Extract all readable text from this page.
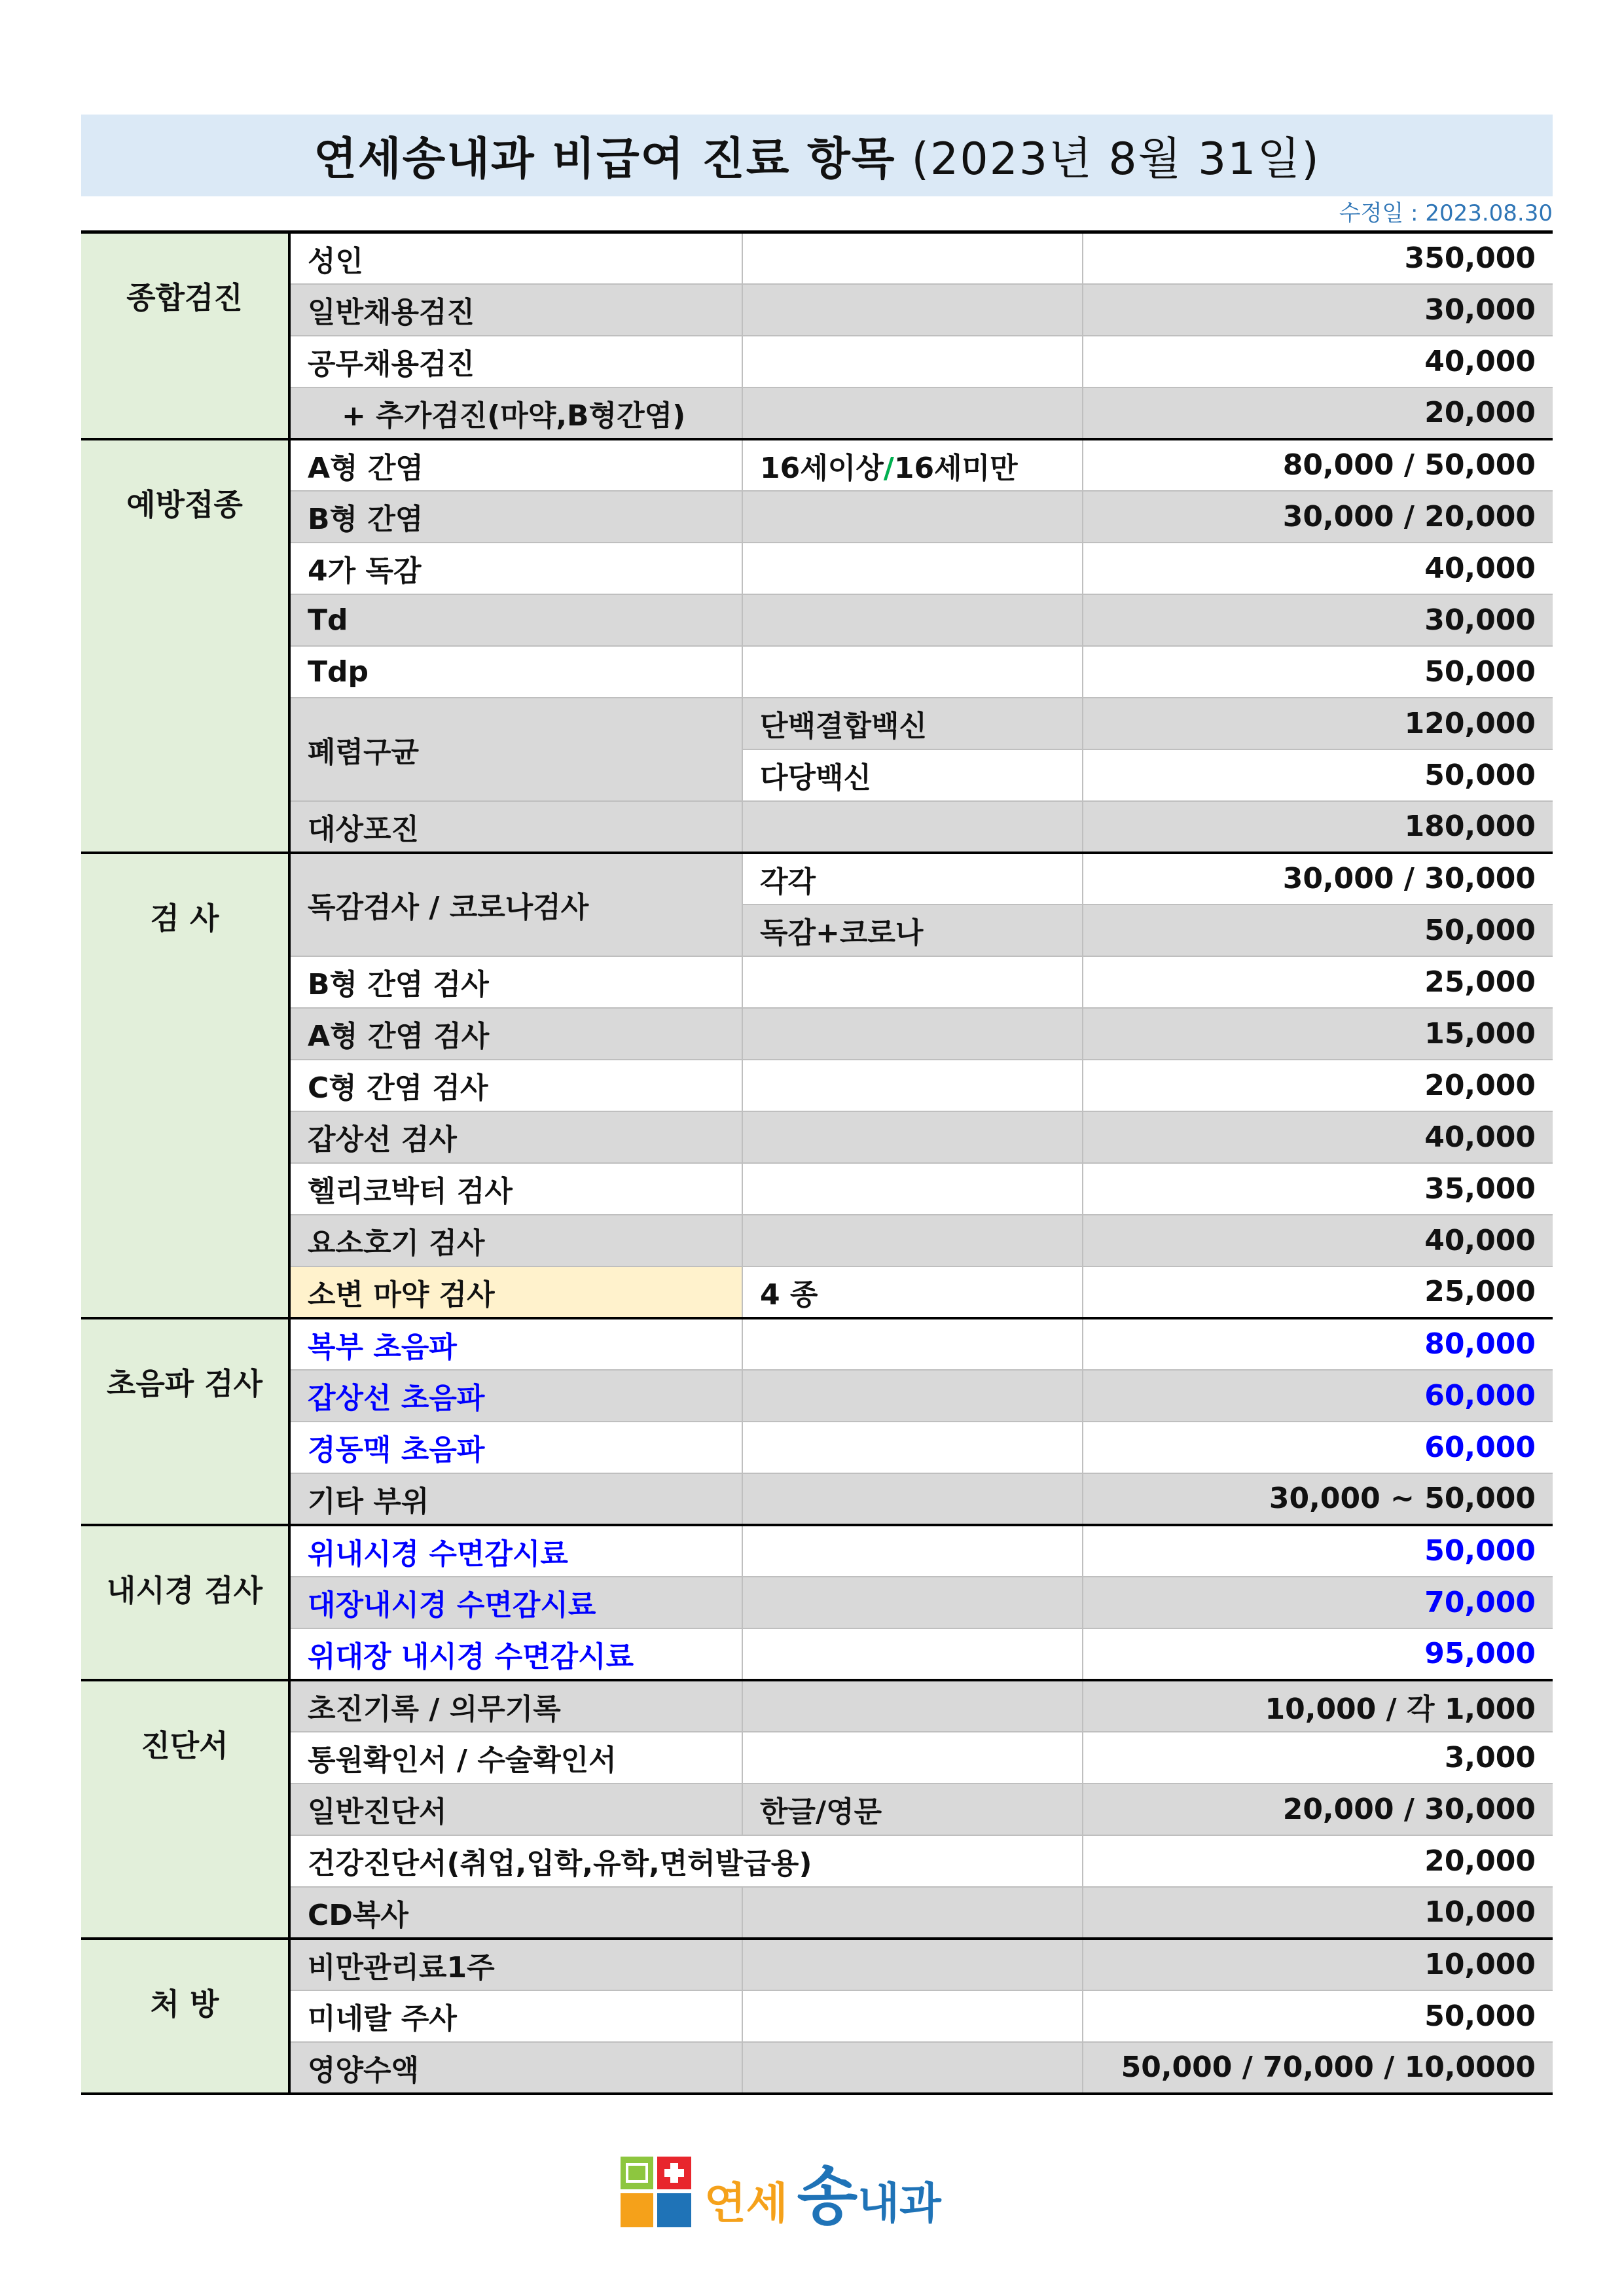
연세송내과 비급여 진료 항목 (2023년 8월 31일)
수정일 : 2023.08.30
종합검진	성인		350,000
	일반채용검진		30,000
	공무채용검진		40,000
	+ 추가검진(마약,B형간염)		20,000
예방접종	A형 간염	16세이상/16세미만	80,000 / 50,000
	B형 간염		30,000 / 20,000
	4가 독감		40,000
	Td		30,000
	Tdp		50,000
	폐렴구균	단백결합백신	120,000
		다당백신	50,000
	대상포진		180,000
검 사	독감검사 / 코로나검사	각각	30,000 / 30,000
		독감+코로나	50,000
	B형 간염 검사		25,000
	A형 간염 검사		15,000
	C형 간염 검사		20,000
	갑상선 검사		40,000
	헬리코박터 검사		35,000
	요소호기 검사		40,000
	소변 마약 검사	4 종	25,000
초음파 검사	복부 초음파		80,000
	갑상선 초음파		60,000
	경동맥 초음파		60,000
	기타 부위		30,000 ~ 50,000
내시경 검사	위내시경 수면감시료		50,000
	대장내시경 수면감시료		70,000
	위대장 내시경 수면감시료		95,000
진단서	초진기록 / 의무기록		10,000 / 각 1,000
	통원확인서 / 수술확인서		3,000
	일반진단서	한글/영문	20,000 / 30,000
	건강진단서(취업,입학,유학,면허발급용)		20,000
	CD복사		10,000
처 방	비만관리료1주		10,000
	미네랄 주사		50,000
	영양수액		50,000 / 70,000 / 10,0000
연세 송 내과
